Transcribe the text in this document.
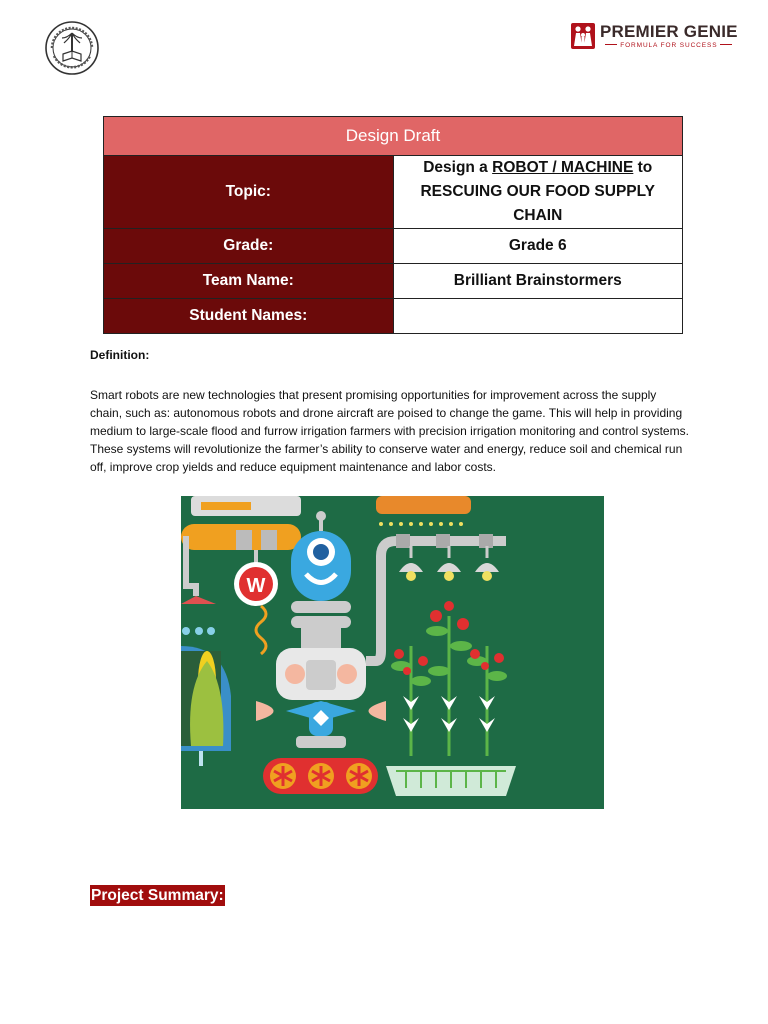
PREMIER GENIE
FORMULA FOR SUCCESS
Design Draft	
Topic:	Design a ROBOT / MACHINE to RESCUING OUR FOOD SUPPLY CHAIN
Grade:	Grade 6
Team Name:	Brilliant Brainstormers
Student Names:	
Definition:
Smart robots are new technologies that present promising opportunities for improvement across the supply chain, such as: autonomous robots and drone aircraft are poised to change the game. This will help in providing medium to large-scale flood and furrow irrigation farmers with precision irrigation monitoring and control systems. These systems will revolutionize the farmer’s ability to conserve water and energy, reduce soil and chemical run off, improve crop yields and reduce equipment maintenance and labor costs.
W
Project Summary:
